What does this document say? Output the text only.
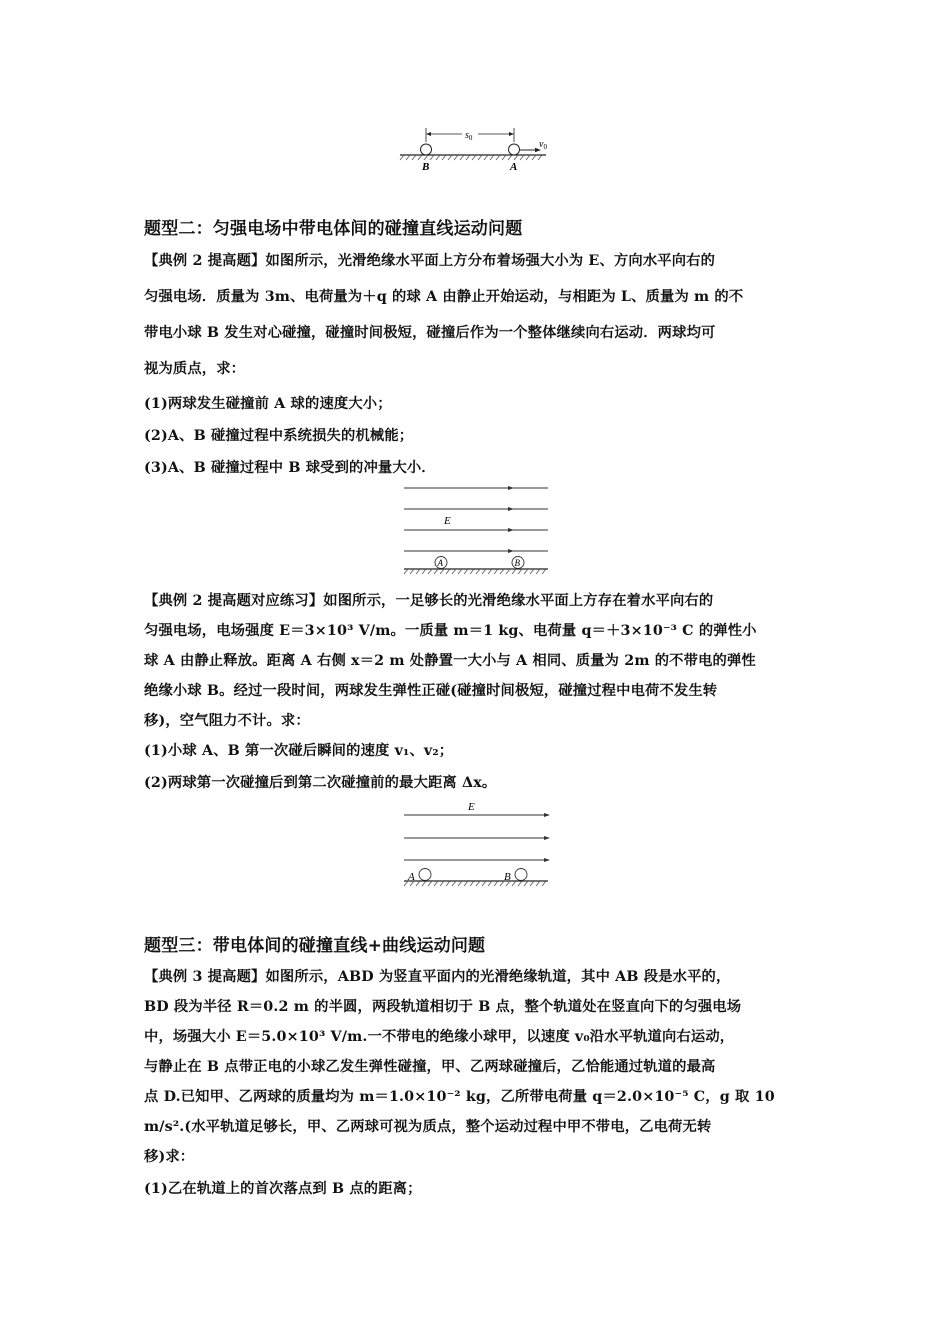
$s_0$
$v_0$
B	A
题型二：匀强电场中带电体间的碰撞直线运动问题
【典例 2 提高题】如图所示，光滑绝缘水平面上方分布着场强大小为 E、方向水平向右的
匀强电场．质量为 3m、电荷量为＋q 的球 A 由静止开始运动，与相距为 L、质量为 m 的不
带电小球 B 发生对心碰撞，碰撞时间极短，碰撞后作为一个整体继续向右运动．两球均可
视为质点，求：
(1)两球发生碰撞前 A 球的速度大小；
(2)A、B 碰撞过程中系统损失的机械能；
(3)A、B 碰撞过程中 B 球受到的冲量大小．
E
A	B
【典例 2 提高题对应练习】如图所示，一足够长的光滑绝缘水平面上方存在着水平向右的
匀强电场，电场强度 E＝3×10³ V/m。一质量 m＝1 kg、电荷量 q＝＋3×10⁻³ C 的弹性小
球 A 由静止释放。距离 A 右侧 x＝2 m 处静置一大小与 A 相同、质量为 2m 的不带电的弹性
绝缘小球 B。经过一段时间，两球发生弹性正碰(碰撞时间极短，碰撞过程中电荷不发生转
移)，空气阻力不计。求：
(1)小球 A、B 第一次碰后瞬间的速度 v₁、v₂；
(2)两球第一次碰撞后到第二次碰撞前的最大距离 Δx。
E
A	B
题型三：带电体间的碰撞直线+曲线运动问题
【典例 3 提高题】如图所示，ABD 为竖直平面内的光滑绝缘轨道，其中 AB 段是水平的，
BD 段为半径 R＝0.2 m 的半圆，两段轨道相切于 B 点，整个轨道处在竖直向下的匀强电场
中，场强大小 E＝5.0×10³ V/m.一不带电的绝缘小球甲，以速度 v₀沿水平轨道向右运动，
与静止在 B 点带正电的小球乙发生弹性碰撞，甲、乙两球碰撞后，乙恰能通过轨道的最高
点 D.已知甲、乙两球的质量均为 m＝1.0×10⁻² kg，乙所带电荷量 q＝2.0×10⁻⁵ C，g 取 10
m/s².(水平轨道足够长，甲、乙两球可视为质点，整个运动过程中甲不带电，乙电荷无转
移)求：
(1)乙在轨道上的首次落点到 B 点的距离；
